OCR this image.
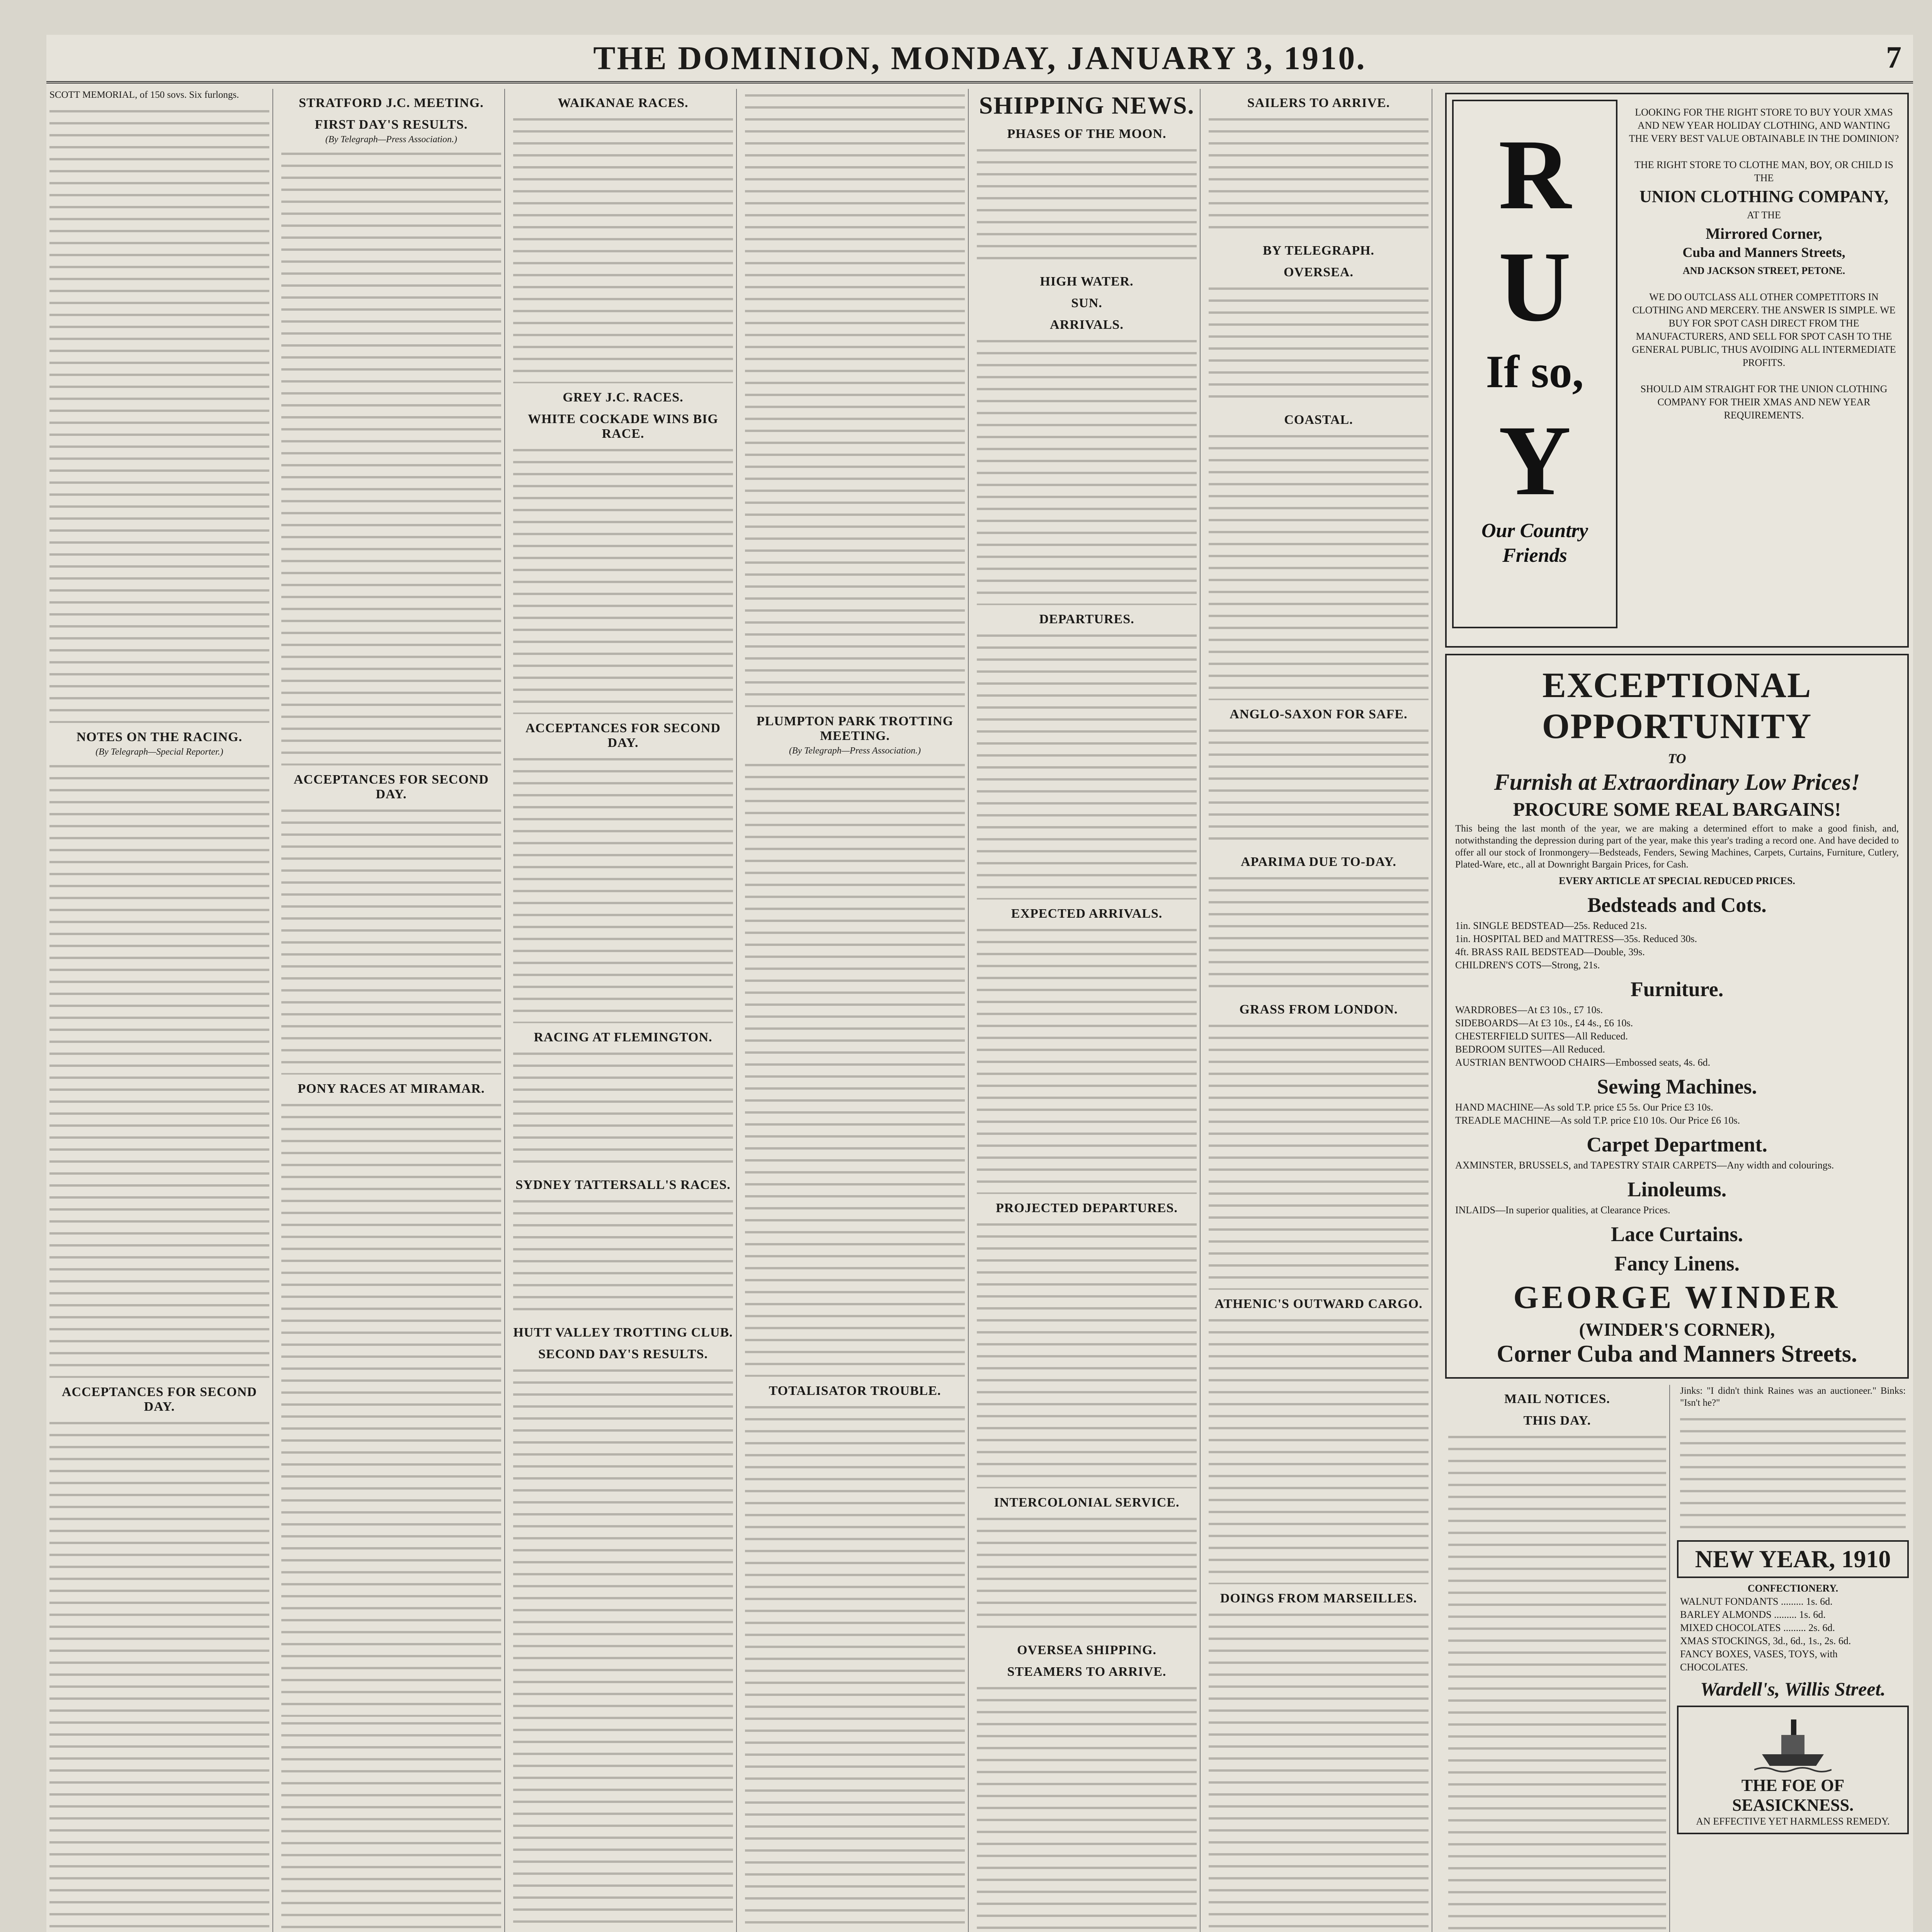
THE DOMINION, MONDAY, JANUARY 3, 1910.	7

SCOTT MEMORIAL, of 150 sovs. Six furlongs.

NOTES ON THE RACING.
(By Telegraph—Special Reporter.)
ACCEPTANCES FOR SECOND DAY.
STRATFORD J.C. MEETING.
FIRST DAY'S RESULTS.
(By Telegraph—Press Association.)
ACCEPTANCES FOR SECOND DAY.
PONY RACES AT MIRAMAR.
WAIKANAE RACES.
GREY J.C. RACES.
WHITE COCKADE WINS BIG RACE.
ACCEPTANCES FOR SECOND DAY.
RACING AT FLEMINGTON.
SYDNEY TATTERSALL'S RACES.
HUTT VALLEY TROTTING CLUB.
SECOND DAY'S RESULTS.
PLUMPTON PARK TROTTING MEETING.
(By Telegraph—Press Association.)
TOTALISATOR TROUBLE.
SHIPPING NEWS.
PHASES OF THE MOON.
HIGH WATER.
SUN.
ARRIVALS.
DEPARTURES.
EXPECTED ARRIVALS.
PROJECTED DEPARTURES.
INTERCOLONIAL SERVICE.
OVERSEA SHIPPING.
STEAMERS TO ARRIVE.
SAILERS TO ARRIVE.
BY TELEGRAPH.
OVERSEA.
COASTAL.
ANGLO-SAXON FOR SAFE.
APARIMA DUE TO-DAY.
GRASS FROM LONDON.
ATHENIC'S OUTWARD CARGO.
DOINGS FROM MARSEILLES.
R
U
If so,
Y
Our Country Friends
LOOKING FOR THE RIGHT STORE TO BUY YOUR XMAS AND NEW YEAR HOLIDAY CLOTHING, AND WANTING THE VERY BEST VALUE OBTAINABLE IN THE DOMINION?

THE RIGHT STORE TO CLOTHE MAN, BOY, OR CHILD IS THE
UNION CLOTHING COMPANY,
AT THE
Mirrored Corner,
Cuba and Manners Streets,
AND JACKSON STREET, PETONE.

WE DO OUTCLASS ALL OTHER COMPETITORS IN CLOTHING AND MERCERY. THE ANSWER IS SIMPLE. WE BUY FOR SPOT CASH DIRECT FROM THE MANUFACTURERS, AND SELL FOR SPOT CASH TO THE GENERAL PUBLIC, THUS AVOIDING ALL INTERMEDIATE PROFITS.

SHOULD AIM STRAIGHT FOR THE UNION CLOTHING COMPANY FOR THEIR XMAS AND NEW YEAR REQUIREMENTS.
EXCEPTIONAL OPPORTUNITY
TO
Furnish at Extraordinary Low Prices!
PROCURE SOME REAL BARGAINS!

This being the last month of the year, we are making a determined effort to make a good finish, and, notwithstanding the depression during part of the year, make this year's trading a record one. And have decided to offer all our stock of Ironmongery—Bedsteads, Fenders, Sewing Machines, Carpets, Curtains, Furniture, Cutlery, Plated-Ware, etc., all at Downright Bargain Prices, for Cash.

EVERY ARTICLE AT SPECIAL REDUCED PRICES.
Bedsteads and Cots.
1in. SINGLE BEDSTEAD—25s. Reduced 21s.
1in. HOSPITAL BED and MATTRESS—35s. Reduced 30s.
4ft. BRASS RAIL BEDSTEAD—Double, 39s.
CHILDREN'S COTS—Strong, 21s.
Furniture.
WARDROBES—At £3 10s., £7 10s.
SIDEBOARDS—At £3 10s., £4 4s., £6 10s.
CHESTERFIELD SUITES—All Reduced.
BEDROOM SUITES—All Reduced.
AUSTRIAN BENTWOOD CHAIRS—Embossed seats, 4s. 6d.
Sewing Machines.
HAND MACHINE—As sold T.P. price £5 5s. Our Price £3 10s.
TREADLE MACHINE—As sold T.P. price £10 10s. Our Price £6 10s.
Carpet Department.
AXMINSTER, BRUSSELS, and TAPESTRY STAIR CARPETS—Any width and colourings.
Linoleums.
INLAIDS—In superior qualities, at Clearance Prices.
Lace Curtains.
Fancy Linens.
GEORGE WINDER
(WINDER'S CORNER),
Corner Cuba and Manners Streets.
MAIL NOTICES.
THIS DAY.

Jinks: "I didn't think Raines was an auctioneer." Binks: "Isn't he?"

NEW YEAR, 1910
CONFECTIONERY.
WALNUT FONDANTS ......... 1s. 6d.
BARLEY ALMONDS ......... 1s. 6d.
MIXED CHOCOLATES ......... 2s. 6d.
XMAS STOCKINGS, 3d., 6d., 1s., 2s. 6d.
FANCY BOXES, VASES, TOYS, with CHOCOLATES.
Wardell's, Willis Street.
THE FOE OF SEASICKNESS.
AN EFFECTIVE YET HARMLESS REMEDY.
